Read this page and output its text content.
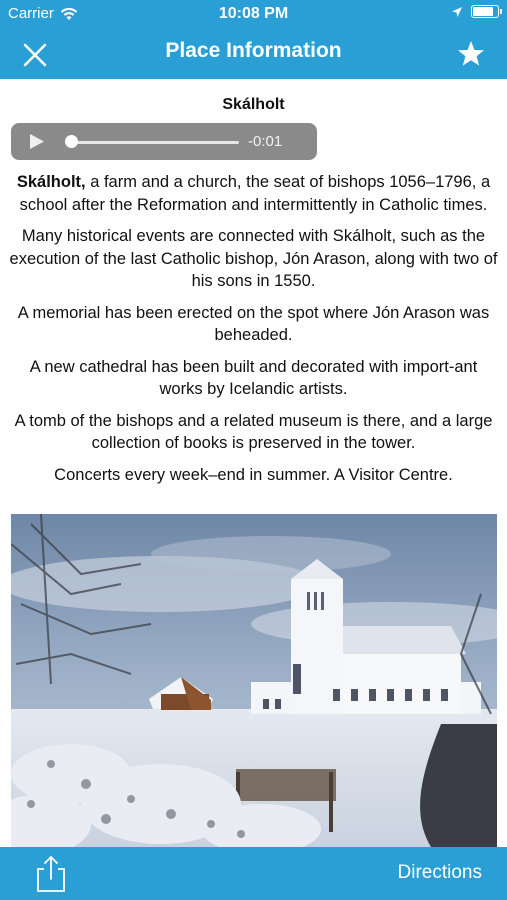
Carrier	10:08 PM
Place Information
Skálholt
-0:01

Skálholt, a farm and a church, the seat of bishops 1056–1796, a school after the Reformation and intermittently in Catholic times.

Many historical events are connected with Skálholt, such as the execution of the last Catholic bishop, Jón Arason, along with two of his sons in 1550.

A memorial has been erected on the spot where Jón Arason was beheaded.

A new cathedral has been built and decorated with import-ant works by Icelandic artists.

A tomb of the bishops and a related museum is there, and a large collection of books is preserved in the tower.

Concerts every week–end in summer. A Visitor Centre.

Directions
